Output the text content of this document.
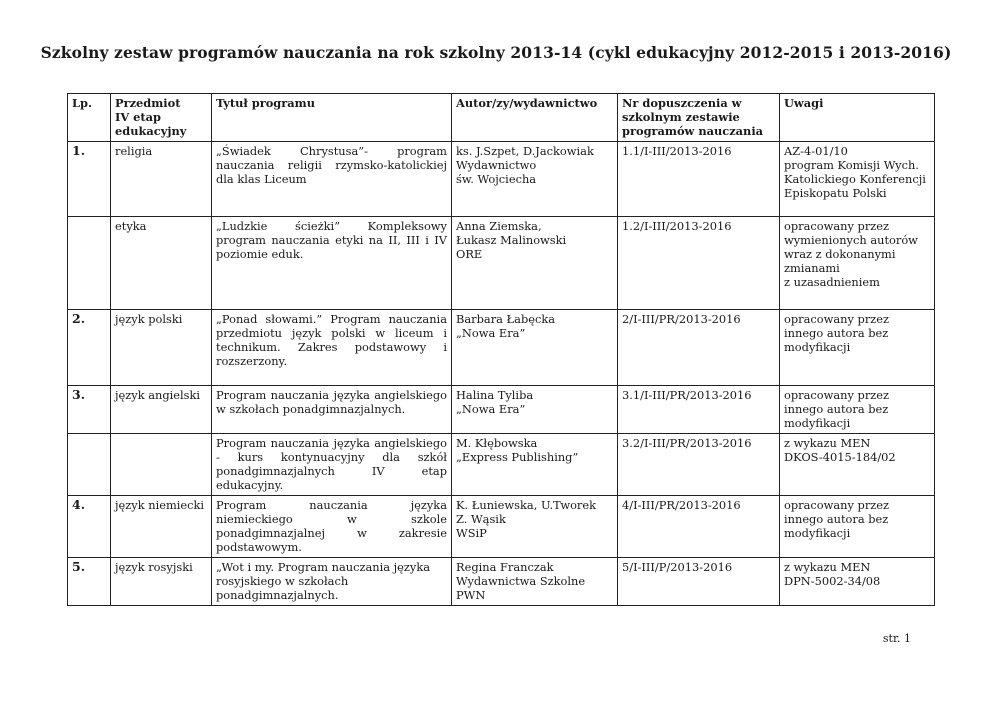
Szkolny zestaw programów nauczania na rok szkolny 2013-14 (cykl edukacyjny 2012-2015 i 2013-2016)
Lp.	Przedmiot
IV etap
edukacyjny	Tytuł programu	Autor/zy/wydawnictwo	Nr dopuszczenia w
szkolnym zestawie
programów nauczania	Uwagi
1.	religia	„Świadek Chrystusa”- program nauczania religii rzymsko-katolickiej dla klas Liceum	ks. J.Szpet, D.Jackowiak
Wydawnictwo
św. Wojciecha	1.1/I-III/2013-2016	AZ-4-01/10
program Komisji Wych. Katolickiego Konferencji Episkopatu Polski
	etyka	„Ludzkie ścieżki” Kompleksowy program nauczania etyki na II, III i IV poziomie eduk.	Anna Ziemska,
Łukasz Malinowski
ORE	1.2/I-III/2013-2016	opracowany przez
wymienionych autorów
wraz z dokonanymi
zmianami
z uzasadnieniem
2.	język polski	„Ponad słowami.” Program nauczania przedmiotu język polski w liceum i technikum. Zakres podstawowy i rozszerzony.	Barbara Łabęcka
„Nowa Era”	2/I-III/PR/2013-2016	opracowany przez innego autora bez modyfikacji
3.	język angielski	Program nauczania języka angielskiego w szkołach ponadgimnazjalnych.	Halina Tyliba
„Nowa Era”	3.1/I-III/PR/2013-2016	opracowany przez innego autora bez modyfikacji
		Program nauczania języka angielskiego - kurs kontynuacyjny dla szkół ponadgimnazjalnych IV etap edukacyjny.	M. Kłębowska
„Express Publishing”	3.2/I-III/PR/2013-2016	z wykazu MEN
DKOS-4015-184/02
4.	język niemiecki	Program nauczania języka niemieckiego w szkole ponadgimnazjalnej w zakresie podstawowym.	K. Łuniewska, U.Tworek
Z. Wąsik
WSiP	4/I-III/PR/2013-2016	opracowany przez innego autora bez modyfikacji
5.	język rosyjski	„Wot i my. Program nauczania języka rosyjskiego w szkołach ponadgimnazjalnych.	Regina Franczak
Wydawnictwa Szkolne PWN	5/I-III/P/2013-2016	z wykazu MEN
DPN-5002-34/08
str. 1
